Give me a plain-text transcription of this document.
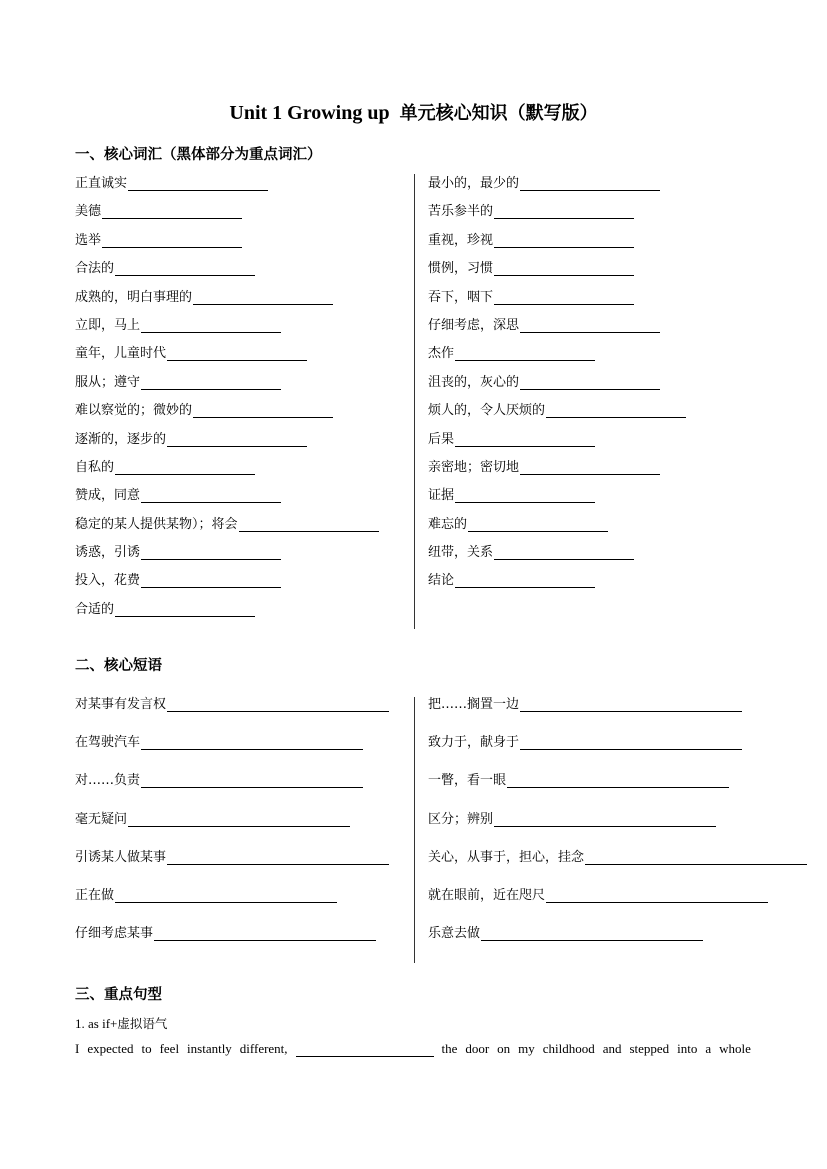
Unit 1 Growing up 单元核心知识（默写版）
一、核心词汇（黑体部分为重点词汇）
正直诚实
美德
选举
合法的
成熟的，明白事理的
立即，马上
童年，儿童时代
服从；遵守
难以察觉的；微妙的
逐渐的，逐步的
自私的
赞成，同意
稳定的某人提供某物）；将会
诱惑，引诱
投入，花费
合适的
最小的，最少的
苦乐参半的
重视，珍视
惯例，习惯
吞下，咽下
仔细考虑，深思
杰作
沮丧的，灰心的
烦人的，令人厌烦的
后果
亲密地；密切地
证据
难忘的
纽带，关系
结论
二、核心短语
对某事有发言权
在驾驶汽车
对……负责
毫无疑问
引诱某人做某事
正在做
仔细考虑某事
把……搁置一边
致力于，献身于
一瞥，看一眼
区分；辨别
关心，从事于，担心，挂念
就在眼前，近在咫尺
乐意去做
三、重点句型
1. as if+虚拟语气
I expected to feel instantly different,	the door on my childhood and stepped into a whole
